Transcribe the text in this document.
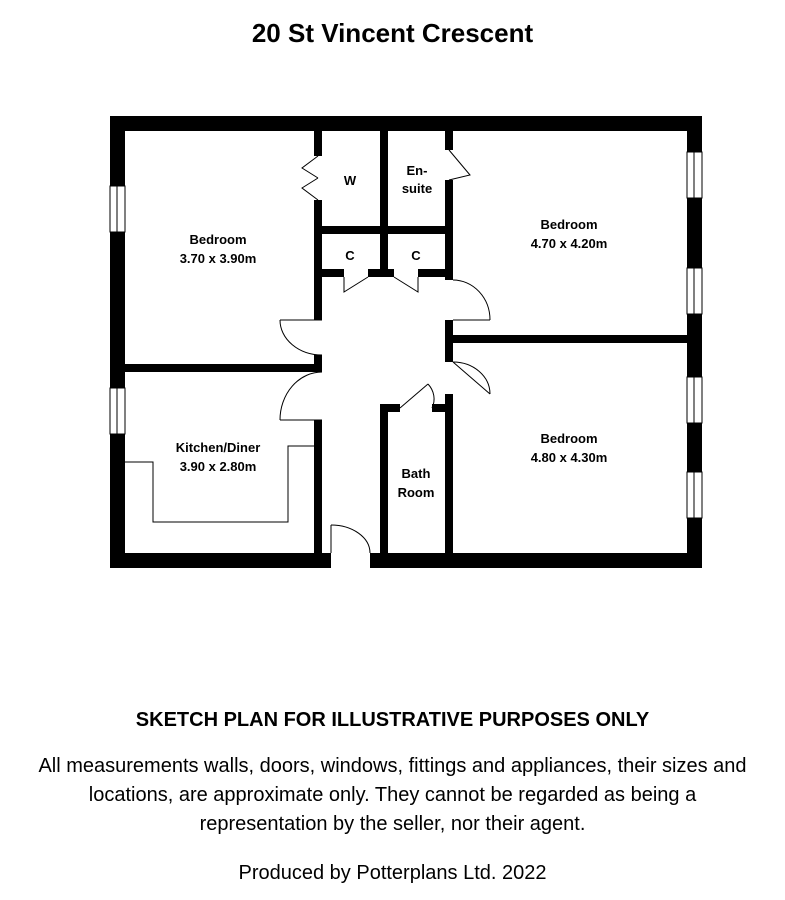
20 St Vincent Crescent
Bedroom
3.70 x 3.90m
W
En-
suite
Bedroom
4.70 x 4.20m
C	C
Kitchen/Diner
3.90 x 2.80m	Bath
Room
Bedroom
4.80 x 4.30m
SKETCH PLAN FOR ILLUSTRATIVE PURPOSES ONLY
All measurements walls, doors, windows, fittings and appliances, their sizes and locations, are approximate only. They cannot be regarded as being a representation by the seller, nor their agent.
Produced by Potterplans Ltd. 2022
